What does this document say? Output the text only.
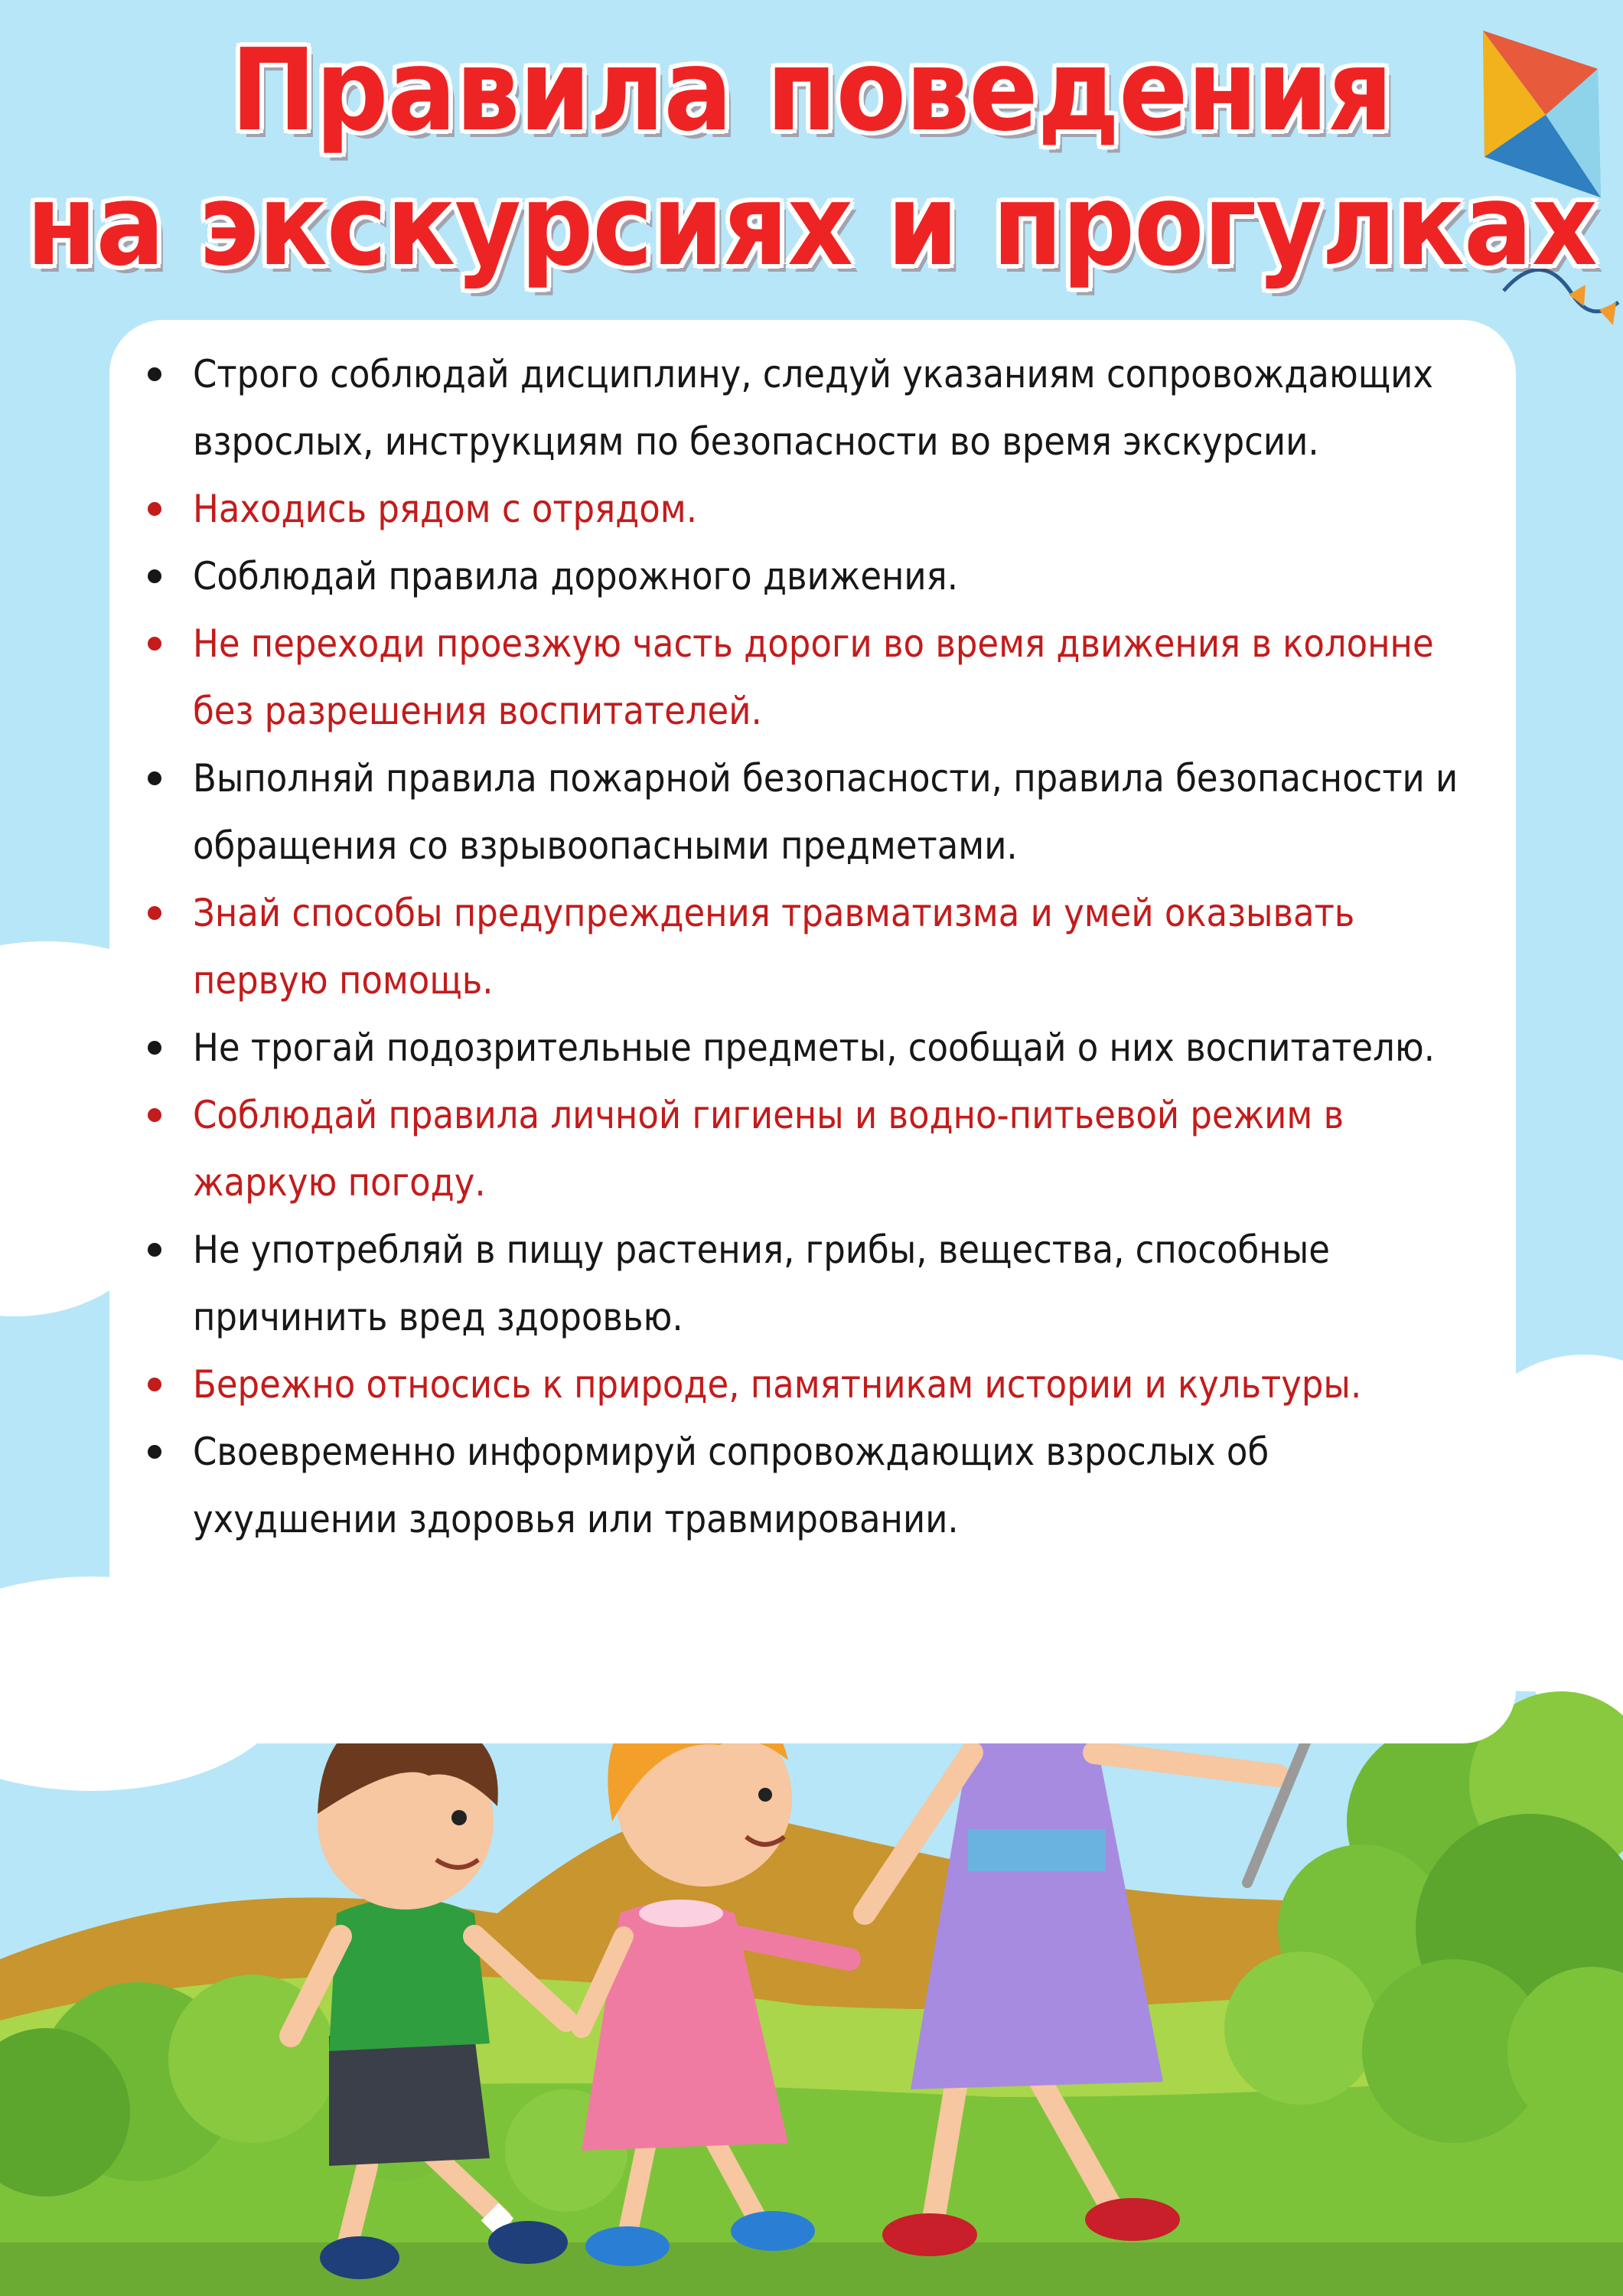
Правила поведения
на экскурсиях и прогулках
Строго соблюдай дисциплину, следуй указаниям сопровождающих взрослых, инструкциям по безопасности во время экскурсии.
Находись рядом с отрядом.
Соблюдай правила дорожного движения.
Не переходи проезжую часть дороги во время движения в колонне без разрешения воспитателей.
Выполняй правила пожарной безопасности, правила безопасности и обращения со взрывоопасными предметами.
Знай способы предупреждения травматизма и умей оказывать первую помощь.
Не трогай подозрительные предметы, сообщай о них воспитателю.
Соблюдай правила личной гигиены и водно-питьевой режим в жаркую погоду.
Не употребляй в пищу растения, грибы, вещества, способные причинить вред здоровью.
Бережно относись к природе, памятникам истории и культуры.
Своевременно информируй сопровождающих взрослых об ухудшении здоровья или травмировании.
